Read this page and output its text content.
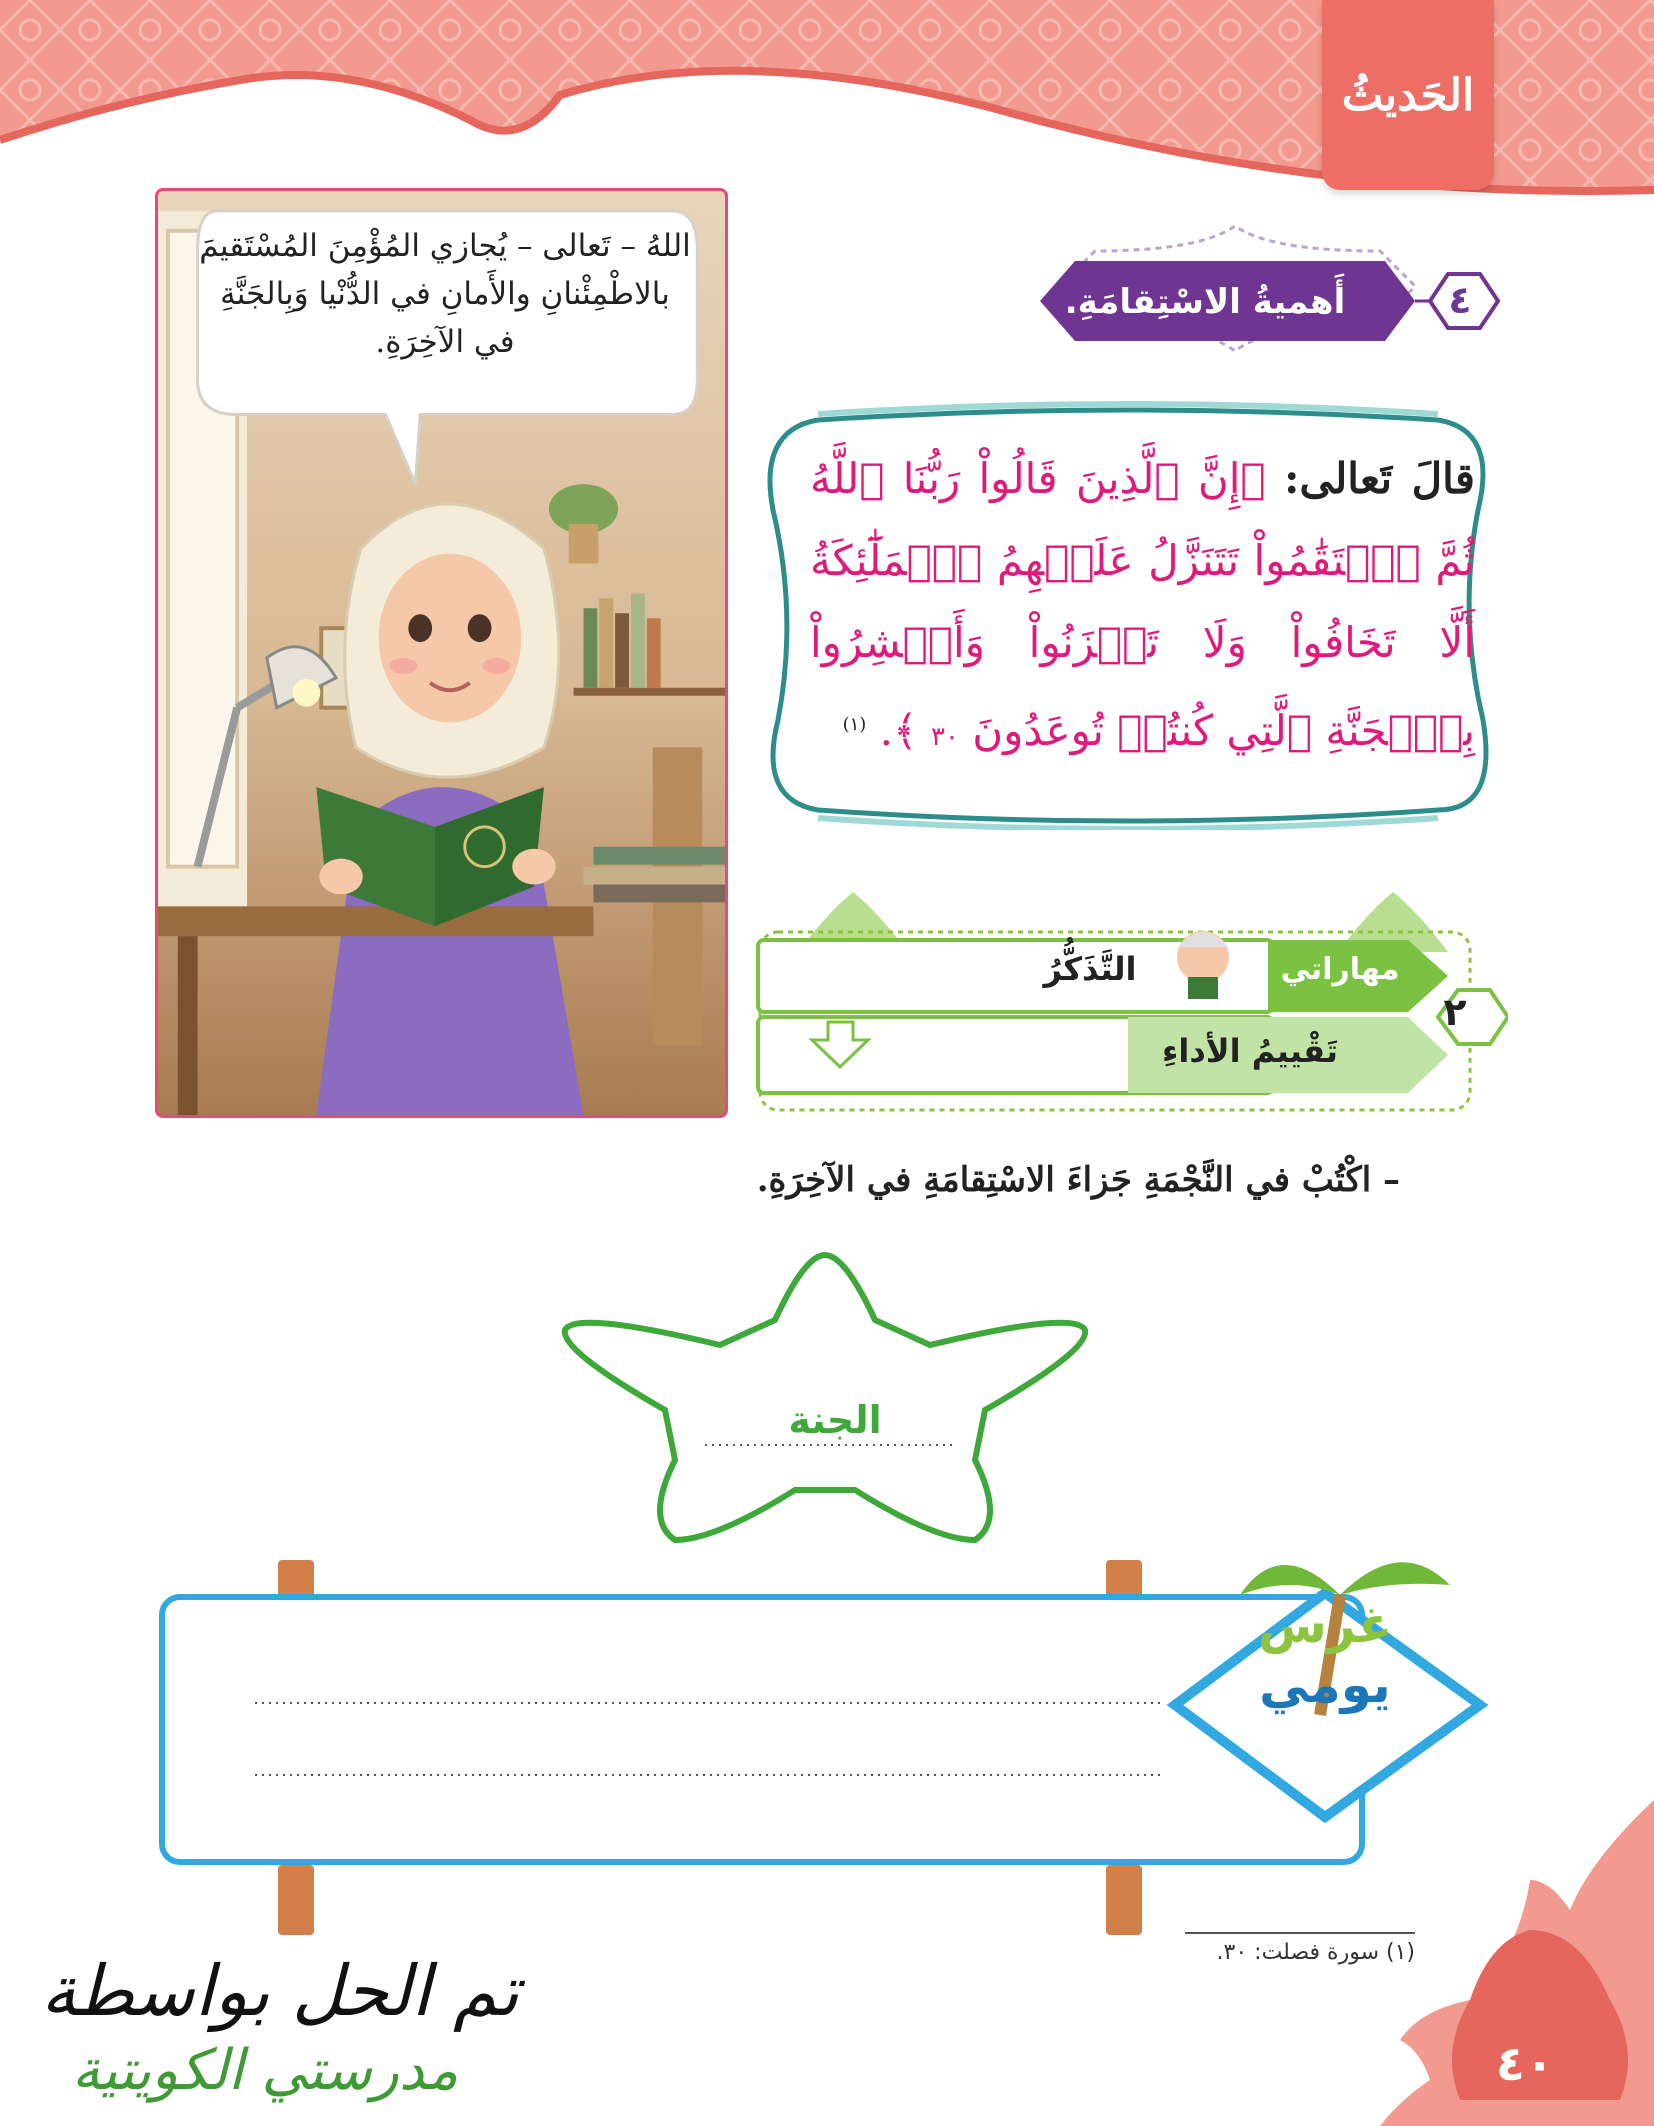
الحَديثُ
اللهُ – تَعالى – يُجازي المُؤْمِنَ المُسْتَقيمَ بالاطْمِئْنانِ والأَمانِ في الدُّنْيا وَبِالجَنَّةِ في الآخِرَةِ.
أَهميةُ الاسْتِقامَةِ.	٤
قالَ تَعالى: ﴿إِنَّ ٱلَّذِينَ قَالُواْ رَبُّنَا ٱللَّهُ ثُمَّ ٱسۡتَقَٰمُواْ تَتَنَزَّلُ عَلَيۡهِمُ ٱلۡمَلَٰٓئِكَةُ أَلَّا تَخَافُواْ وَلَا تَحۡزَنُواْ وَأَبۡشِرُواْ بِٱلۡجَنَّةِ ٱلَّتِي كُنتُمۡ تُوعَدُونَ ٣٠ ﴾. $^{(١)}$
مهاراتي
التَّذَكُّرُ
تَقْييمُ الأداءِ
٢
– اكْتُبْ في النَّجْمَةِ جَزاءَ الاسْتِقامَةِ في الآخِرَةِ.
الجنة
غرس
يومي
(١) سورة فصلت: ٣٠.
٤٠
تم الحل بواسطة
مدرستي الكويتية
